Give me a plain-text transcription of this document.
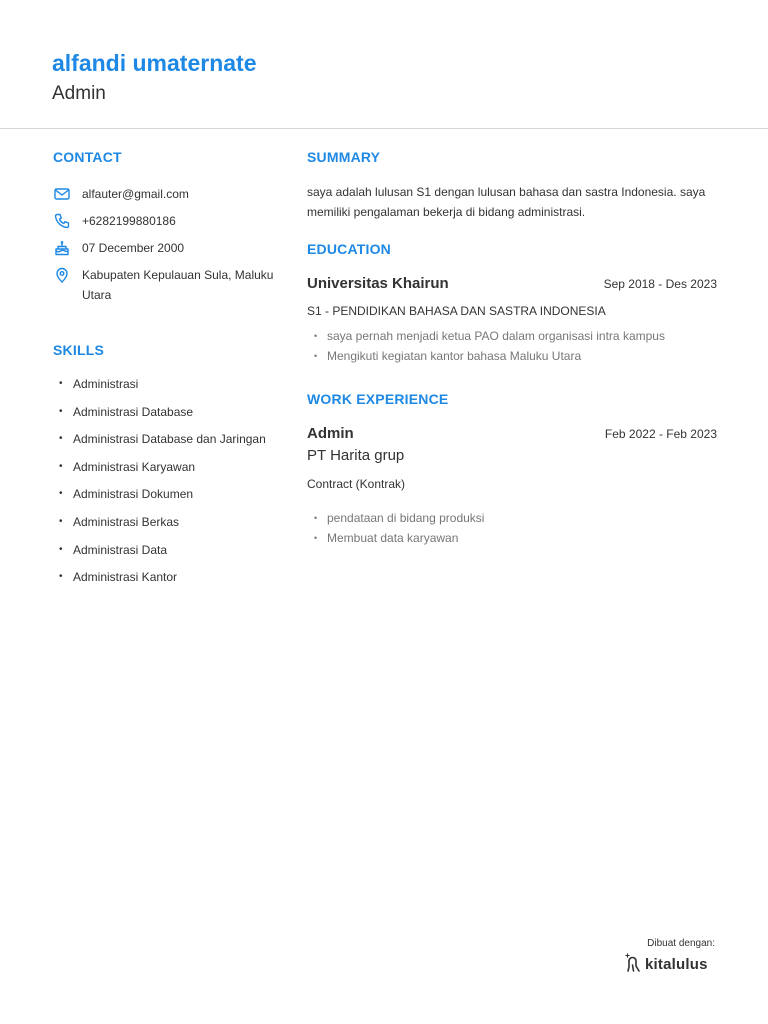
alfandi umaternate
Admin
CONTACT
alfauter@gmail.com
+6282199880186
07 December 2000
Kabupaten Kepulauan Sula, Maluku Utara
SKILLS
• Administrasi
• Administrasi Database
• Administrasi Database dan Jaringan
• Administrasi Karyawan
• Administrasi Dokumen
• Administrasi Berkas
• Administrasi Data
• Administrasi Kantor
SUMMARY
saya adalah lulusan S1 dengan lulusan bahasa dan sastra Indonesia. saya memiliki pengalaman bekerja di bidang administrasi.
EDUCATION
Universitas Khairun	Sep 2018 - Des 2023
S1 - PENDIDIKAN BAHASA DAN SASTRA INDONESIA
• saya pernah menjadi ketua PAO dalam organisasi intra kampus
• Mengikuti kegiatan kantor bahasa Maluku Utara
WORK EXPERIENCE
Admin	Feb 2022 - Feb 2023
PT Harita grup
Contract (Kontrak)
• pendataan di bidang produksi
• Membuat data karyawan
Dibuat dengan:
kitalulus
